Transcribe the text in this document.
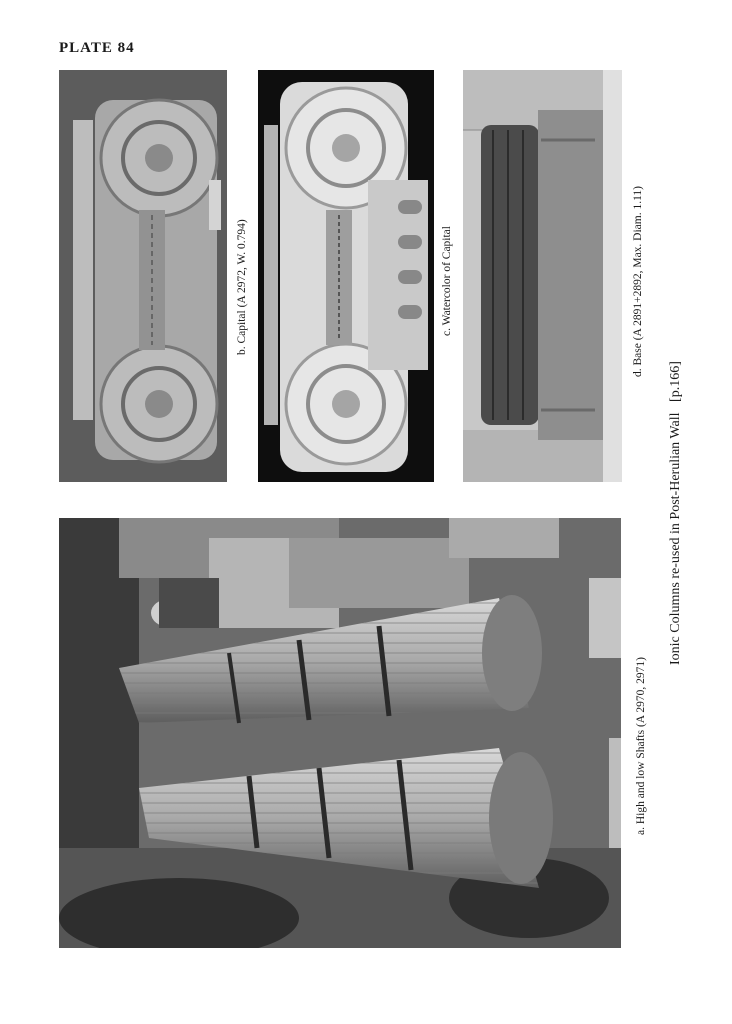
PLATE 84
a. High and low Shafts (A 2970, 2971)
b. Capital (A 2972, W. 0.794)	c. Watercolor of Capital	d. Base (A 2891+2892, Max. Diam. 1.11)
Ionic Columns re-used in Post-Herulian Wall   [p.166]
